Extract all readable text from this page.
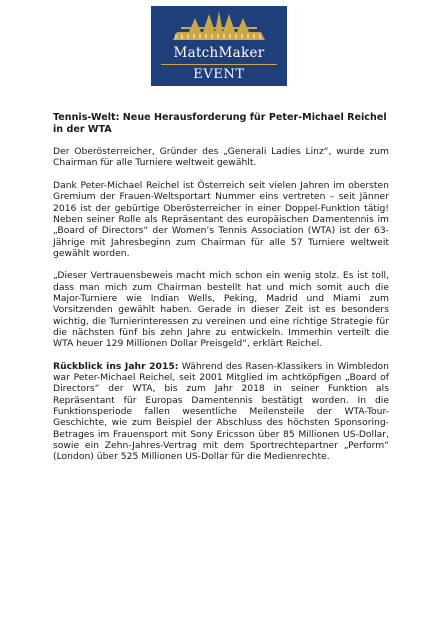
MatchMaker
EVENT
Tennis-Welt: Neue Herausforderung für Peter-Michael Reichel in der WTA

Der Oberösterreicher, Gründer des „Generali Ladies Linz“, wurde zum Chairman für alle Turniere weltweit gewählt.

Dank Peter-Michael Reichel ist Österreich seit vielen Jahren im obersten Gremium der Frauen-Weltsportart Nummer eins vertreten – seit Jänner 2016 ist der gebürtige Oberösterreicher in einer Doppel-Funktion tätig! Neben seiner Rolle als Repräsentant des europäischen Damentennis im „Board of Directors“ der Women’s Tennis Association (WTA) ist der 63-Jährige mit Jahresbeginn zum Chairman für alle 57 Turniere weltweit gewählt worden.

„Dieser Vertrauensbeweis macht mich schon ein wenig stolz. Es ist toll, dass man mich zum Chairman bestellt hat und mich somit auch die Major-Turniere wie Indian Wells, Peking, Madrid und Miami zum Vorsitzenden gewählt haben. Gerade in dieser Zeit ist es besonders wichtig, die Turnierinteressen zu vereinen und eine richtige Strategie für die nächsten fünf bis zehn Jahre zu entwickeln. Immerhin verteilt die WTA heuer 129 Millionen Dollar Preisgeld“, erklärt Reichel.

Rückblick ins Jahr 2015: Während des Rasen-Klassikers in Wimbledon war Peter-Michael Reichel, seit 2001 Mitglied im achtköpfigen „Board of Directors“ der WTA, bis zum Jahr 2018 in seiner Funktion als Repräsentant für Europas Damentennis bestätigt worden. In die Funktionsperiode fallen wesentliche Meilensteile der WTA-Tour-Geschichte, wie zum Beispiel der Abschluss des höchsten Sponsoring-Betrages im Frauensport mit Sony Ericsson über 85 Millionen US-Dollar, sowie ein Zehn-Jahres-Vertrag mit dem Sportrechtepartner „Perform“ (London) über 525 Millionen US-Dollar für die Medienrechte.
